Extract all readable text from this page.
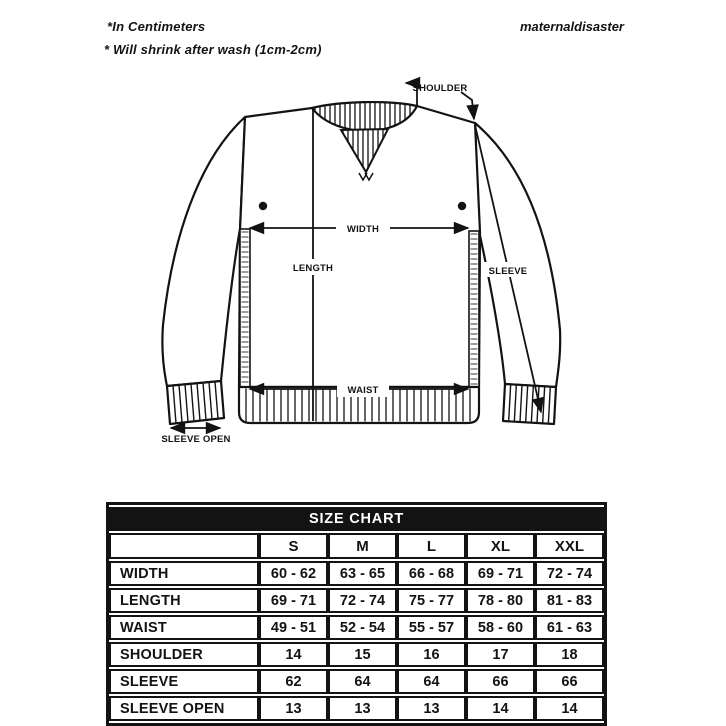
*In Centimeters
* Will shrink after wash (1cm-2cm)
maternaldisaster
WIDTH
LENGTH
WAIST
SLEEVE
SHOULDER
SLEEVE OPEN
SIZE CHART					
	S	M	L	XL	XXL
WIDTH	60 - 62	63 - 65	66 - 68	69 - 71	72 - 74
LENGTH	69 - 71	72 - 74	75 - 77	78 - 80	81 - 83
WAIST	49 - 51	52 - 54	55 - 57	58 - 60	61 - 63
SHOULDER	14	15	16	17	18
SLEEVE	62	64	64	66	66
SLEEVE OPEN	13	13	13	14	14
